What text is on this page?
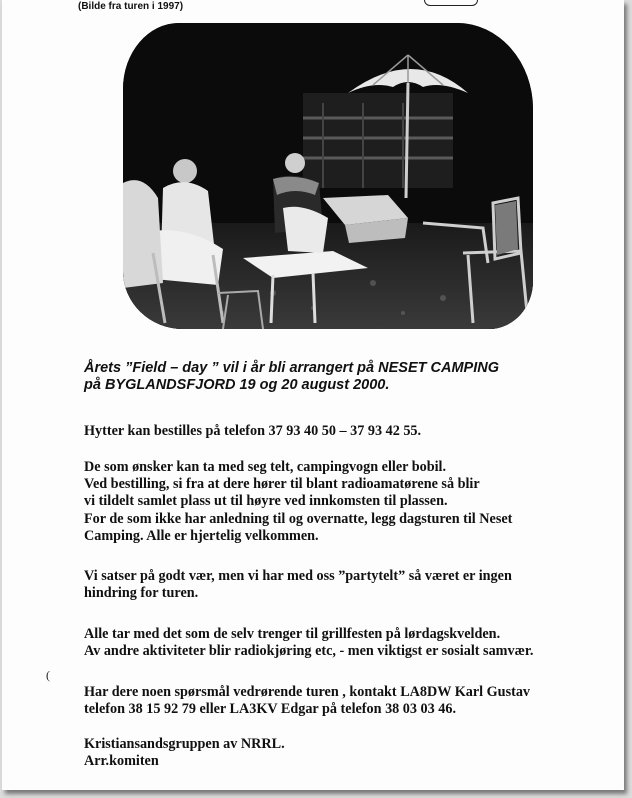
(Bilde fra turen i 1997)
Årets ”Field – day ” vil i år bli arrangert på NESET CAMPING
på BYGLANDSFJORD 19 og 20 august 2000.
Hytter kan bestilles på telefon 37 93 40 50 – 37 93 42 55.
De som ønsker kan ta med seg telt, campingvogn eller bobil.
Ved bestilling, si fra at dere hører til blant radioamatørene så blir
vi tildelt samlet plass ut til høyre ved innkomsten til plassen.
For de som ikke har anledning til og overnatte, legg dagsturen til Neset
Camping. Alle er hjertelig velkommen.
Vi satser på godt vær, men vi har med oss ”partytelt” så været er ingen
hindring for turen.
Alle tar med det som de selv trenger til grillfesten på lørdagskvelden.
Av andre aktiviteter blir radiokjøring etc, - men viktigst er sosialt samvær.
Har dere noen spørsmål vedrørende turen , kontakt LA8DW Karl Gustav
telefon 38 15 92 79 eller LA3KV Edgar på telefon 38 03 03 46.
Kristiansandsgruppen av NRRL.
Arr.komiten
(
